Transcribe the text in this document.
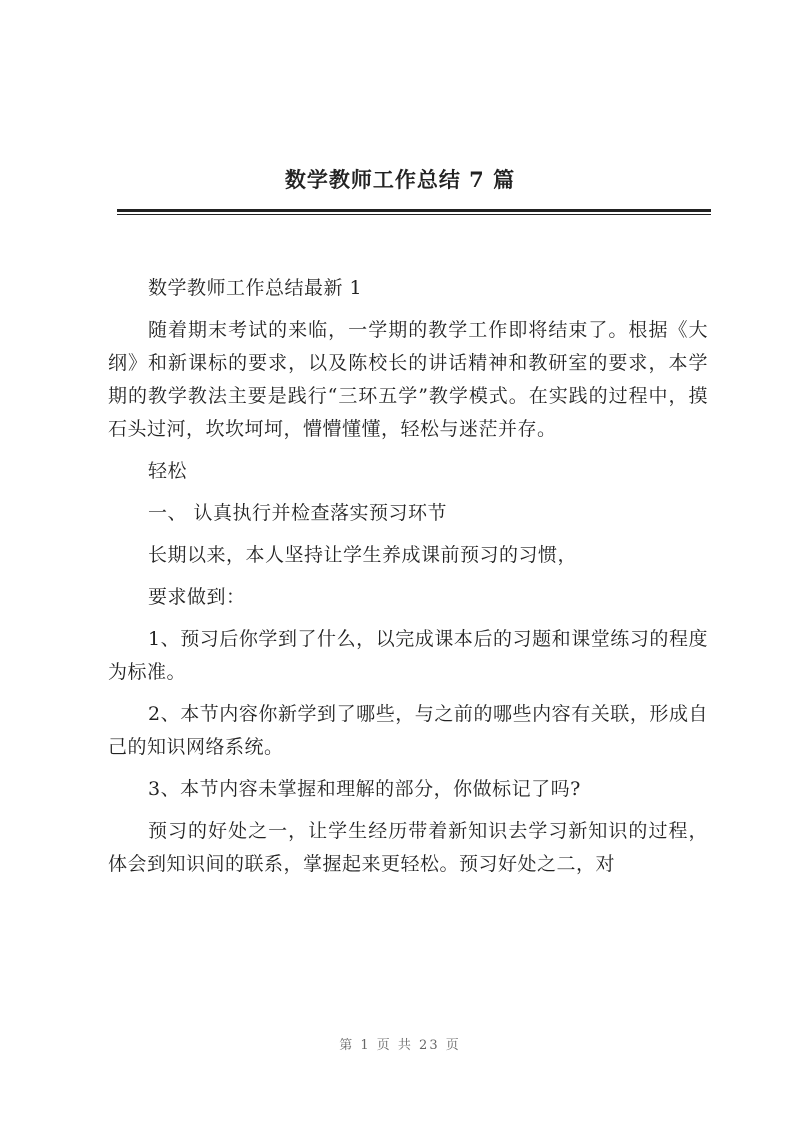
数学教师工作总结 7 篇

数学教师工作总结最新 1

随着期末考试的来临，一学期的教学工作即将结束了。根据《大纲》和新课标的要求，以及陈校长的讲话精神和教研室的要求，本学期的教学教法主要是践行“三环五学”教学模式。在实践的过程中，摸石头过河，坎坎坷坷，懵懵懂懂，轻松与迷茫并存。

轻松

一、 认真执行并检查落实预习环节

长期以来，本人坚持让学生养成课前预习的习惯，

要求做到：

1、预习后你学到了什么，以完成课本后的习题和课堂练习的程度为标准。

2、本节内容你新学到了哪些，与之前的哪些内容有关联，形成自己的知识网络系统。

3、本节内容未掌握和理解的部分，你做标记了吗?

预习的好处之一，让学生经历带着新知识去学习新知识的过程，体会到知识间的联系，掌握起来更轻松。预习好处之二，对

第 1 页 共 23 页
